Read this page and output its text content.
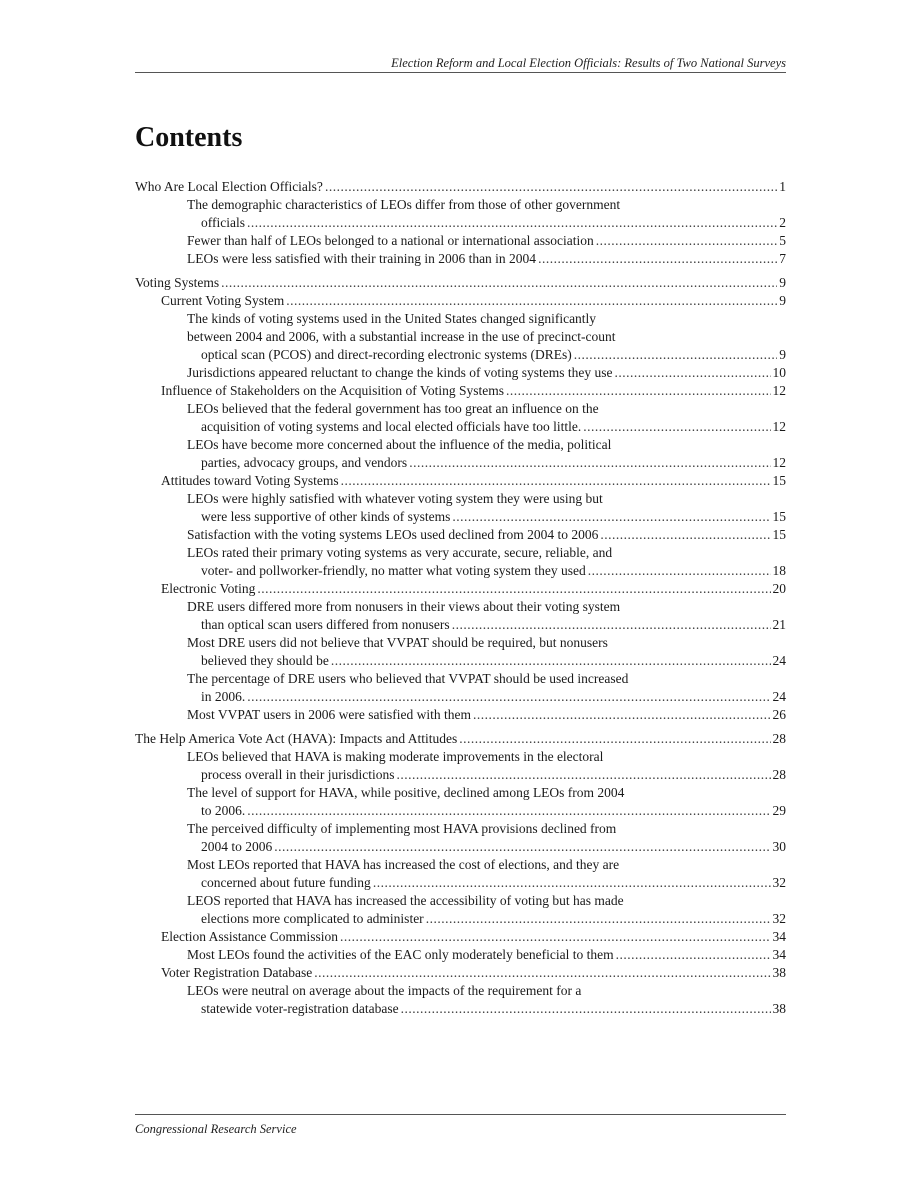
Election Reform and Local Election Officials: Results of Two National Surveys
Contents
Who Are Local Election Officials? .....	1
The demographic characteristics of LEOs differ from those of other government
officials .....	2
Fewer than half of LEOs belonged to a national or international association .....	5
LEOs were less satisfied with their training in 2006 than in 2004 .....	7
Voting Systems .....	9
Current Voting System .....	9
The kinds of voting systems used in the United States changed significantly
between 2004 and 2006, with a substantial increase in the use of precinct-count
optical scan (PCOS) and direct-recording electronic systems (DREs) .....	9
Jurisdictions appeared reluctant to change the kinds of voting systems they use .....	10
Influence of Stakeholders on the Acquisition of Voting Systems .....	12
LEOs believed that the federal government has too great an influence on the
acquisition of voting systems and local elected officials have too little. .....	12
LEOs have become more concerned about the influence of the media, political
parties, advocacy groups, and vendors .....	12
Attitudes toward Voting Systems .....	15
LEOs were highly satisfied with whatever voting system they were using but
were less supportive of other kinds of systems .....	15
Satisfaction with the voting systems LEOs used declined from 2004 to 2006 .....	15
LEOs rated their primary voting systems as very accurate, secure, reliable, and
voter- and pollworker-friendly, no matter what voting system they used .....	18
Electronic Voting .....	20
DRE users differed more from nonusers in their views about their voting system
than optical scan users differed from nonusers .....	21
Most DRE users did not believe that VVPAT should be required, but nonusers
believed they should be .....	24
The percentage of DRE users who believed that VVPAT should be used increased
in 2006. .....	24
Most VVPAT users in 2006 were satisfied with them .....	26
The Help America Vote Act (HAVA): Impacts and Attitudes .....	28
LEOs believed that HAVA is making moderate improvements in the electoral
process overall in their jurisdictions .....	28
The level of support for HAVA, while positive, declined among LEOs from 2004
to 2006. .....	29
The perceived difficulty of implementing most HAVA provisions declined from
2004 to 2006 .....	30
Most LEOs reported that HAVA has increased the cost of elections, and they are
concerned about future funding .....	32
LEOS reported that HAVA has increased the accessibility of voting but has made
elections more complicated to administer .....	32
Election Assistance Commission .....	34
Most LEOs found the activities of the EAC only moderately beneficial to them .....	34
Voter Registration Database .....	38
LEOs were neutral on average about the impacts of the requirement for a
statewide voter-registration database .....	38
Congressional Research Service
